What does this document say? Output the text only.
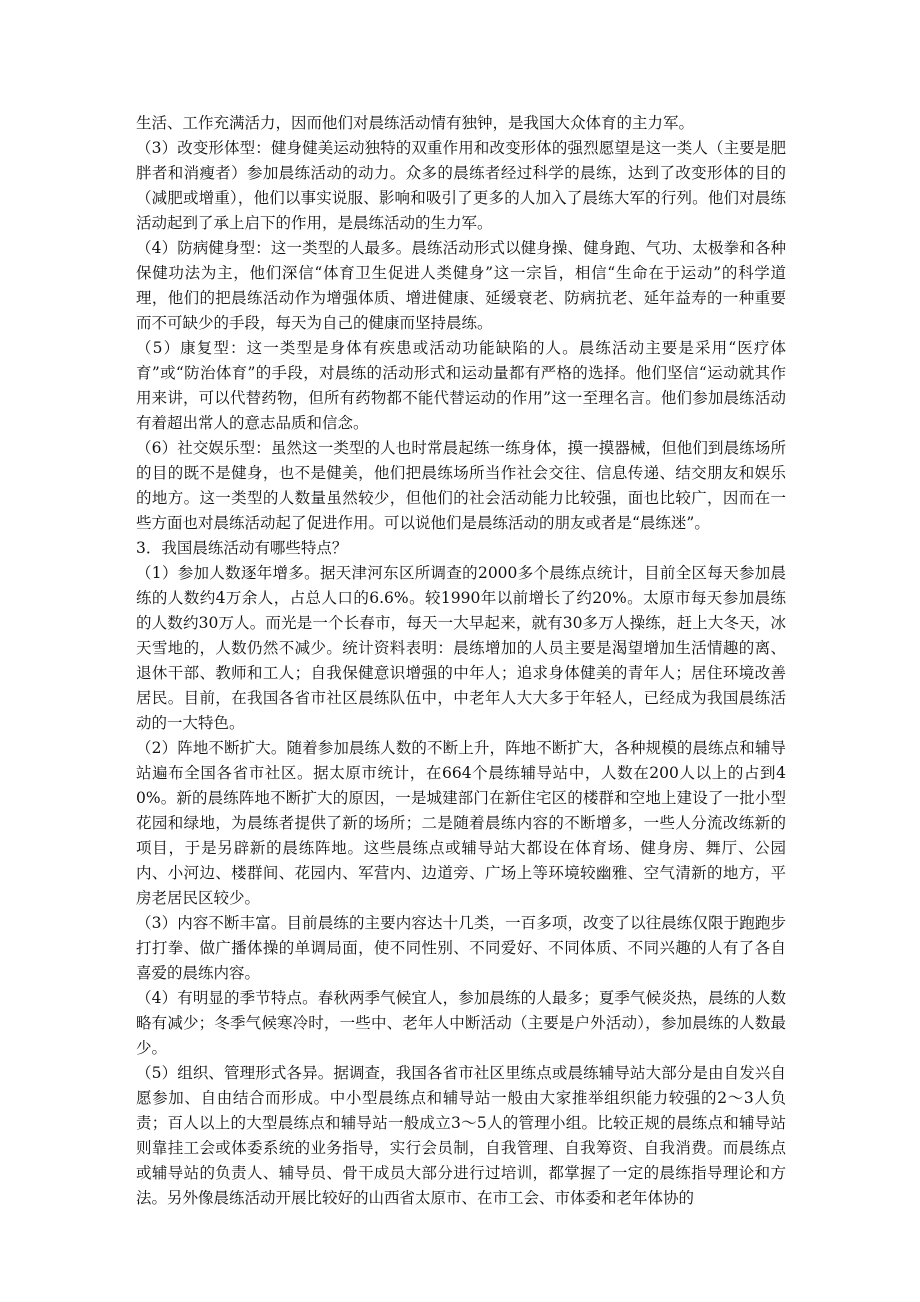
生活、工作充满活力，因而他们对晨练活动情有独钟，是我国大众体育的主力军。

（3）改变形体型：健身健美运动独特的双重作用和改变形体的强烈愿望是这一类人（主要是肥胖者和消瘦者）参加晨练活动的动力。众多的晨练者经过科学的晨练，达到了改变形体的目的（减肥或增重），他们以事实说服、影响和吸引了更多的人加入了晨练大军的行列。他们对晨练活动起到了承上启下的作用，是晨练活动的生力军。

（4）防病健身型：这一类型的人最多。晨练活动形式以健身操、健身跑、气功、太极拳和各种保健功法为主，他们深信“体育卫生促进人类健身”这一宗旨，相信“生命在于运动”的科学道理，他们的把晨练活动作为增强体质、增进健康、延缓衰老、防病抗老、延年益寿的一种重要而不可缺少的手段，每天为自己的健康而坚持晨练。

（5）康复型：这一类型是身体有疾患或活动功能缺陷的人。晨练活动主要是采用“医疗体育”或“防治体育”的手段，对晨练的活动形式和运动量都有严格的选择。他们坚信“运动就其作用来讲，可以代替药物，但所有药物都不能代替运动的作用”这一至理名言。他们参加晨练活动有着超出常人的意志品质和信念。

（6）社交娱乐型：虽然这一类型的人也时常晨起练一练身体，摸一摸器械，但他们到晨练场所的目的既不是健身，也不是健美，他们把晨练场所当作社会交往、信息传递、结交朋友和娱乐的地方。这一类型的人数量虽然较少，但他们的社会活动能力比较强，面也比较广，因而在一些方面也对晨练活动起了促进作用。可以说他们是晨练活动的朋友或者是“晨练迷”。

3．我国晨练活动有哪些特点？

（1）参加人数逐年增多。据天津河东区所调查的2000多个晨练点统计，目前全区每天参加晨练的人数约4万余人，占总人口的6.6%。较1990年以前增长了约20%。太原市每天参加晨练的人数约30万人。而光是一个长春市，每天一大早起来，就有30多万人操练，赶上大冬天，冰天雪地的，人数仍然不减少。统计资料表明：晨练增加的人员主要是渴望增加生活情趣的离、退休干部、教师和工人；自我保健意识增强的中年人；追求身体健美的青年人；居住环境改善居民。目前，在我国各省市社区晨练队伍中，中老年人大大多于年轻人，已经成为我国晨练活动的一大特色。

（2）阵地不断扩大。随着参加晨练人数的不断上升，阵地不断扩大，各种规模的晨练点和辅导站遍布全国各省市社区。据太原市统计，在664个晨练辅导站中，人数在200人以上的占到40%。新的晨练阵地不断扩大的原因，一是城建部门在新住宅区的楼群和空地上建设了一批小型花园和绿地，为晨练者提供了新的场所；二是随着晨练内容的不断增多，一些人分流改练新的项目，于是另辟新的晨练阵地。这些晨练点或辅导站大都设在体育场、健身房、舞厅、公园内、小河边、楼群间、花园内、军营内、边道旁、广场上等环境较幽雅、空气清新的地方，平房老居民区较少。

（3）内容不断丰富。目前晨练的主要内容达十几类，一百多项，改变了以往晨练仅限于跑跑步打打拳、做广播体操的单调局面，使不同性别、不同爱好、不同体质、不同兴趣的人有了各自喜爱的晨练内容。

（4）有明显的季节特点。春秋两季气候宜人，参加晨练的人最多；夏季气候炎热，晨练的人数略有减少；冬季气候寒冷时，一些中、老年人中断活动（主要是户外活动），参加晨练的人数最少。

（5）组织、管理形式各异。据调查，我国各省市社区里练点或晨练辅导站大部分是由自发兴自愿参加、自由结合而形成。中小型晨练点和辅导站一般由大家推举组织能力较强的2～3人负责；百人以上的大型晨练点和辅导站一般成立3～5人的管理小组。比较正规的晨练点和辅导站则靠挂工会或体委系统的业务指导，实行会员制，自我管理、自我筹资、自我消费。而晨练点或辅导站的负责人、辅导员、骨干成员大部分进行过培训，都掌握了一定的晨练指导理论和方法。另外像晨练活动开展比较好的山西省太原市、在市工会、市体委和老年体协的
